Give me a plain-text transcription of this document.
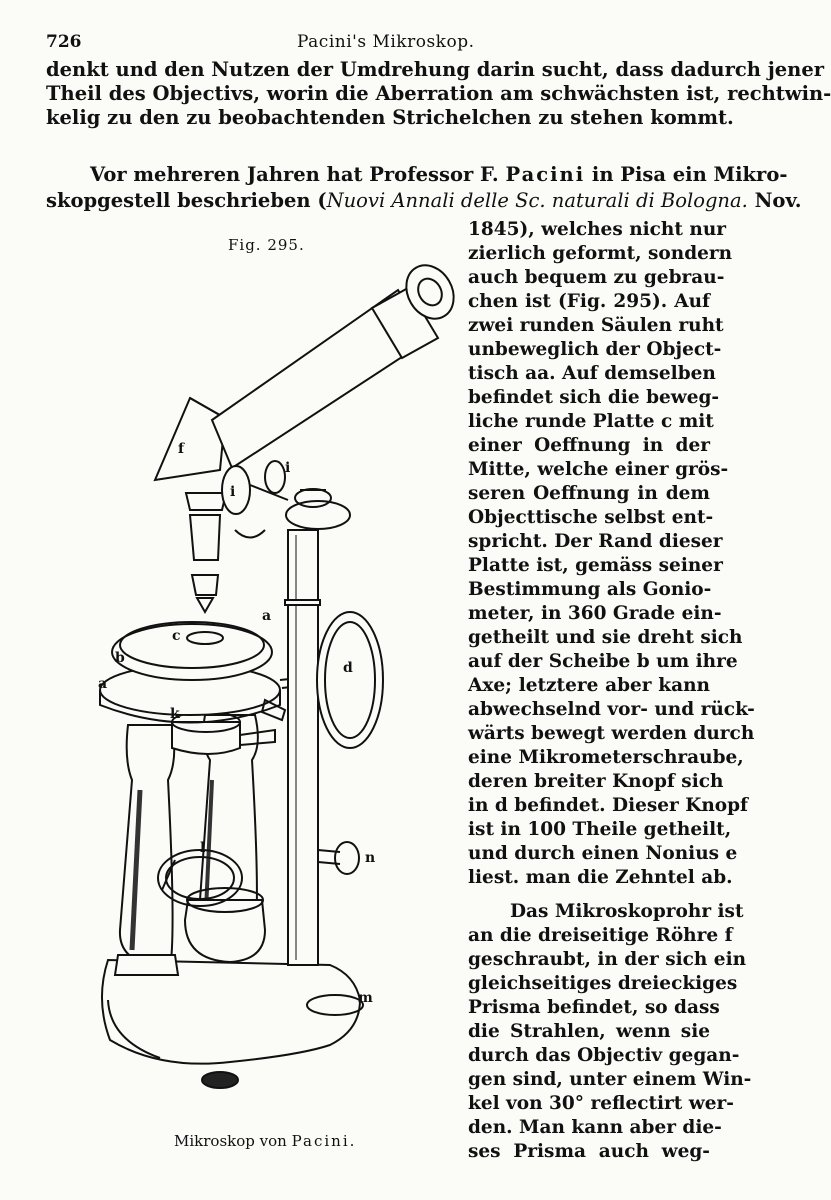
726	Pacini's Mikroskop.
denkt und den Nutzen der Umdrehung darin sucht, dass dadurch jener
Theil des Objectivs, worin die Aberration am schwächsten ist, rechtwin-
kelig zu den zu beobachtenden Strichelchen zu stehen kommt.
Vor mehreren Jahren hat Professor F. Pacini in Pisa ein Mikro-
skopgestell beschrieben (Nuovi Annali delle Sc. naturali di Bologna. Nov.
Fig. 295.
f
i
i
a
c
b
a
d
k
l
n
m
Mikroskop von Pacini.
1845), welches nicht nur
zierlich geformt, sondern
auch bequem zu gebrau-
chen ist (Fig. 295). Auf
zwei runden Säulen ruht
unbeweglich der Object-
tisch aa. Auf demselben
befindet sich die beweg-
liche runde Platte c mit
einer Oeffnung in der
Mitte, welche einer grös-
seren Oeffnung in dem
Objecttische selbst ent-
spricht. Der Rand dieser
Platte ist, gemäss seiner
Bestimmung als Gonio-
meter, in 360 Grade ein-
getheilt und sie dreht sich
auf der Scheibe b um ihre
Axe; letztere aber kann
abwechselnd vor- und rück-
wärts bewegt werden durch
eine Mikrometerschraube,
deren breiter Knopf sich
in d befindet. Dieser Knopf
ist in 100 Theile getheilt,
und durch einen Nonius e
liest. man die Zehntel ab.
Das Mikroskoprohr ist
an die dreiseitige Röhre f
geschraubt, in der sich ein
gleichseitiges dreieckiges
Prisma befindet, so dass
die Strahlen, wenn sie
durch das Objectiv gegan-
gen sind, unter einem Win-
kel von 30° reflectirt wer-
den. Man kann aber die-
ses Prisma auch weg-
